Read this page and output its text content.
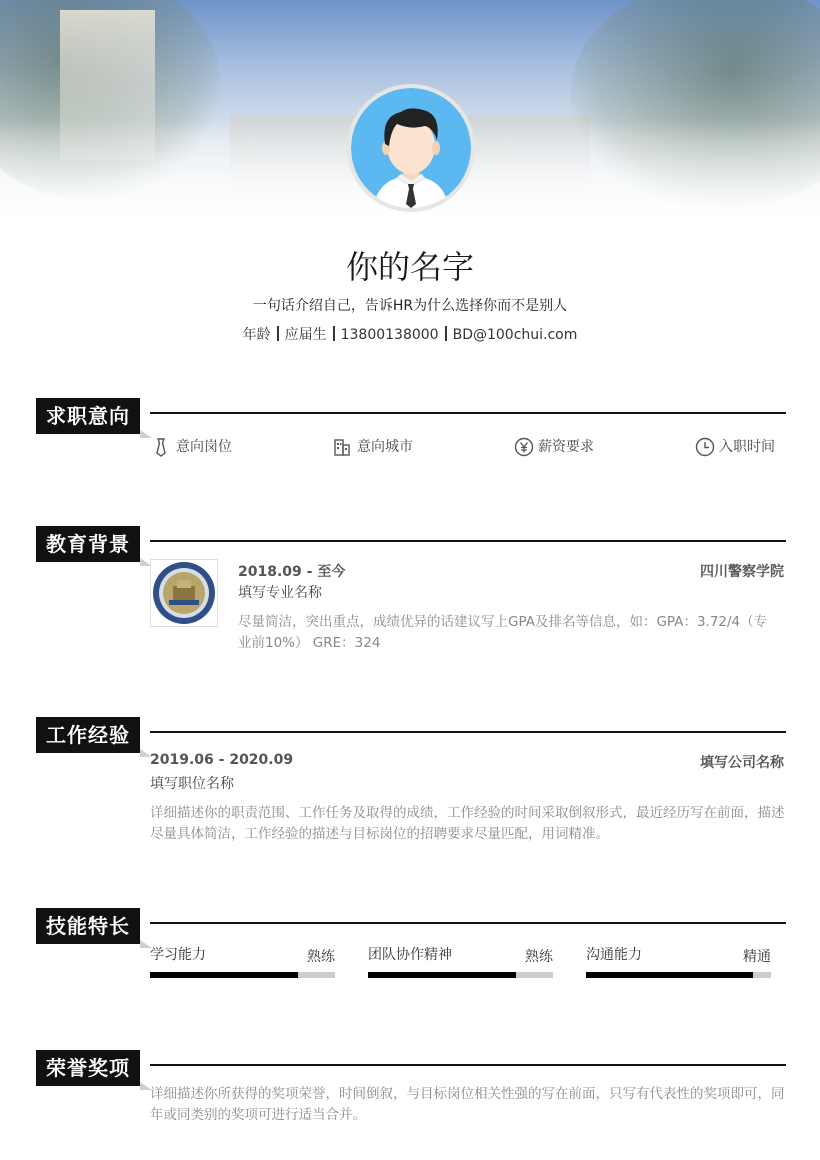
你的名字
一句话介绍自己，告诉HR为什么选择你而不是别人
年龄 应届生 13800138000 BD@100chui.com
求职意向
意向岗位	意向城市	薪资要求	入职时间
教育背景
2018.09 - 至今	四川警察学院
填写专业名称
尽量简洁，突出重点，成绩优异的话建议写上GPA及排名等信息，如：GPA：3.72/4（专业前10%） GRE：324
工作经验
2019.06 - 2020.09	填写公司名称
填写职位名称
详细描述你的职责范围、工作任务及取得的成绩，工作经验的时间采取倒叙形式，最近经历写在前面，描述尽量具体简洁，工作经验的描述与目标岗位的招聘要求尽量匹配，用词精准。
技能特长
学习能力	熟练 团队协作精神	熟练 沟通能力	精通
荣誉奖项
详细描述你所获得的奖项荣誉，时间倒叙，与目标岗位相关性强的写在前面，只写有代表性的奖项即可，同年或同类别的奖项可进行适当合并。
